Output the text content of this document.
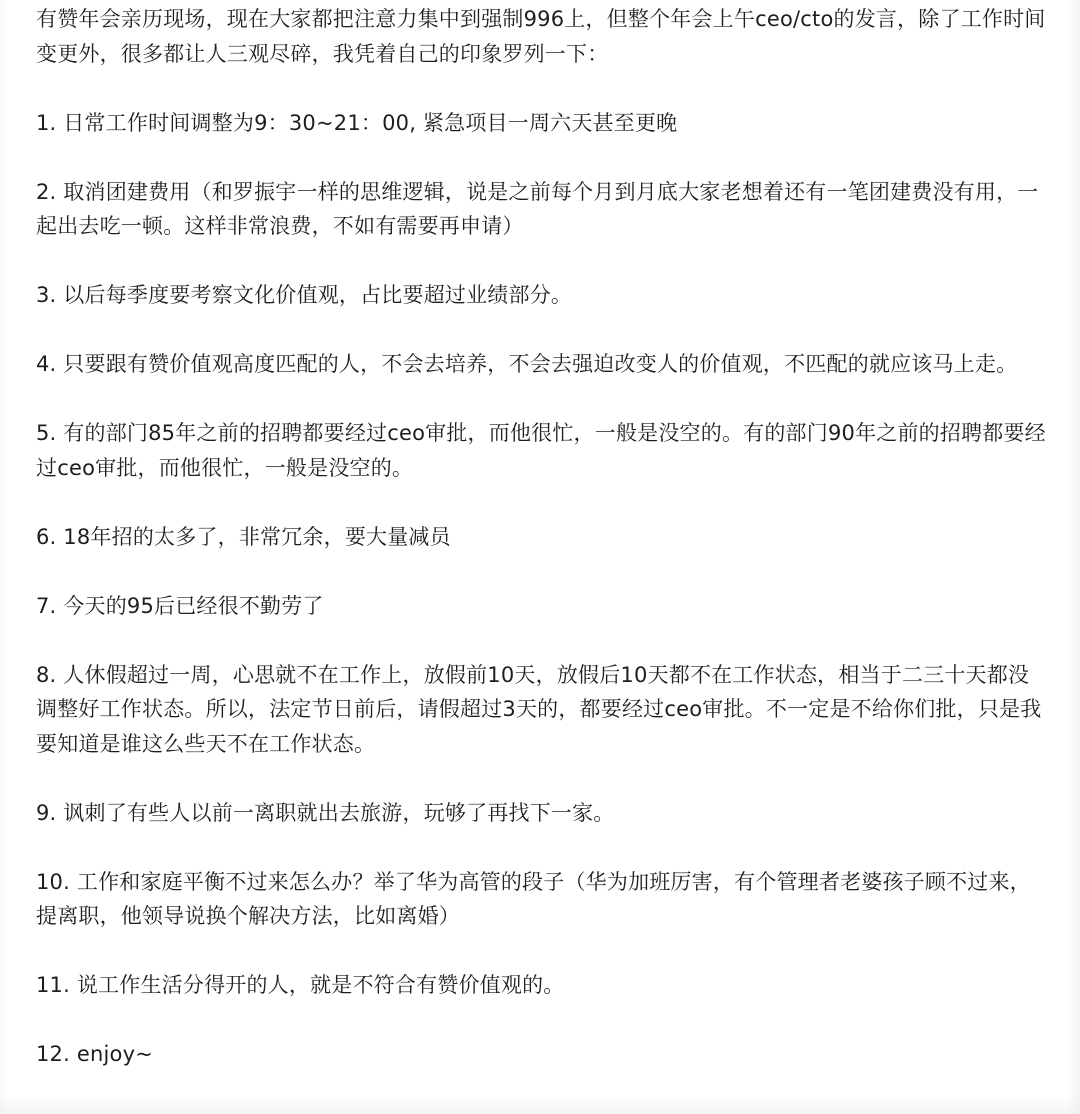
有赞年会亲历现场，现在大家都把注意力集中到强制996上，但整个年会上午ceo/cto的发言，除了工作时间变更外，很多都让人三观尽碎，我凭着自己的印象罗列一下：

1. 日常工作时间调整为9：30~21：00, 紧急项目一周六天甚至更晚

2. 取消团建费用（和罗振宇一样的思维逻辑，说是之前每个月到月底大家老想着还有一笔团建费没有用，一起出去吃一顿。这样非常浪费，不如有需要再申请）

3. 以后每季度要考察文化价值观，占比要超过业绩部分。

4. 只要跟有赞价值观高度匹配的人，不会去培养，不会去强迫改变人的价值观，不匹配的就应该马上走。

5. 有的部门85年之前的招聘都要经过ceo审批，而他很忙，一般是没空的。有的部门90年之前的招聘都要经过ceo审批，而他很忙，一般是没空的。

6. 18年招的太多了，非常冗余，要大量减员

7. 今天的95后已经很不勤劳了

8. 人休假超过一周，心思就不在工作上，放假前10天，放假后10天都不在工作状态，相当于二三十天都没调整好工作状态。所以，法定节日前后，请假超过3天的，都要经过ceo审批。不一定是不给你们批，只是我要知道是谁这么些天不在工作状态。

9. 讽刺了有些人以前一离职就出去旅游，玩够了再找下一家。

10. 工作和家庭平衡不过来怎么办？举了华为高管的段子（华为加班厉害，有个管理者老婆孩子顾不过来，提离职，他领导说换个解决方法，比如离婚）

11. 说工作生活分得开的人，就是不符合有赞价值观的。

12. enjoy~
